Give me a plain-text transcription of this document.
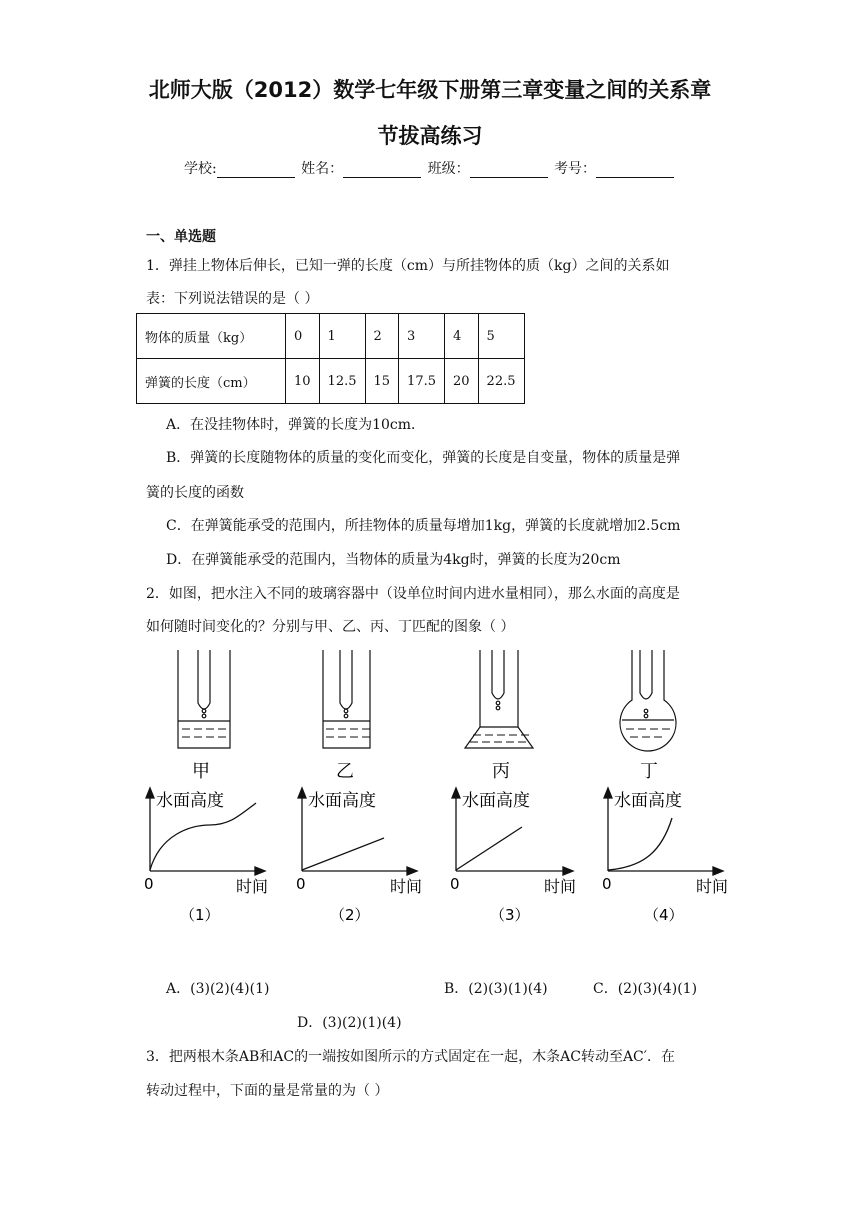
北师大版（2012）数学七年级下册第三章变量之间的关系章
节拔高练习
学校:	姓名：	班级：	考号：
一、单选题
1．弹挂上物体后伸长，已知一弹的长度（cm）与所挂物体的质（kg）之间的关系如
表：下列说法错误的是（ ）
物体的质量（kg）	0	1	2	3	4	5
弹簧的长度（cm）	10	12.5	15	17.5	20	22.5
A．在没挂物体时，弹簧的长度为10cm．
B．弹簧的长度随物体的质量的变化而变化，弹簧的长度是自变量，物体的质量是弹
簧的长度的函数
C．在弹簧能承受的范围内，所挂物体的质量每增加1kg，弹簧的长度就增加2.5cm
D．在弹簧能承受的范围内，当物体的质量为4kg时，弹簧的长度为20cm
2．如图，把水注入不同的玻璃容器中（设单位时间内进水量相同），那么水面的高度是
如何随时间变化的？分别与甲、乙、丙、丁匹配的图象（ ）
甲	乙	丙	丁
水面高度
0	时间
（1）
水面高度
0	时间
（2）
水面高度
0	时间
（3）
水面高度
0	时间
（4）
A．(3)(2)(4)(1)	B．(2)(3)(1)(4)	C．(2)(3)(4)(1)
D．(3)(2)(1)(4)
3．把两根木条AB和AC的一端按如图所示的方式固定在一起，木条AC转动至AC′．在
转动过程中，下面的量是常量的为（ ）
